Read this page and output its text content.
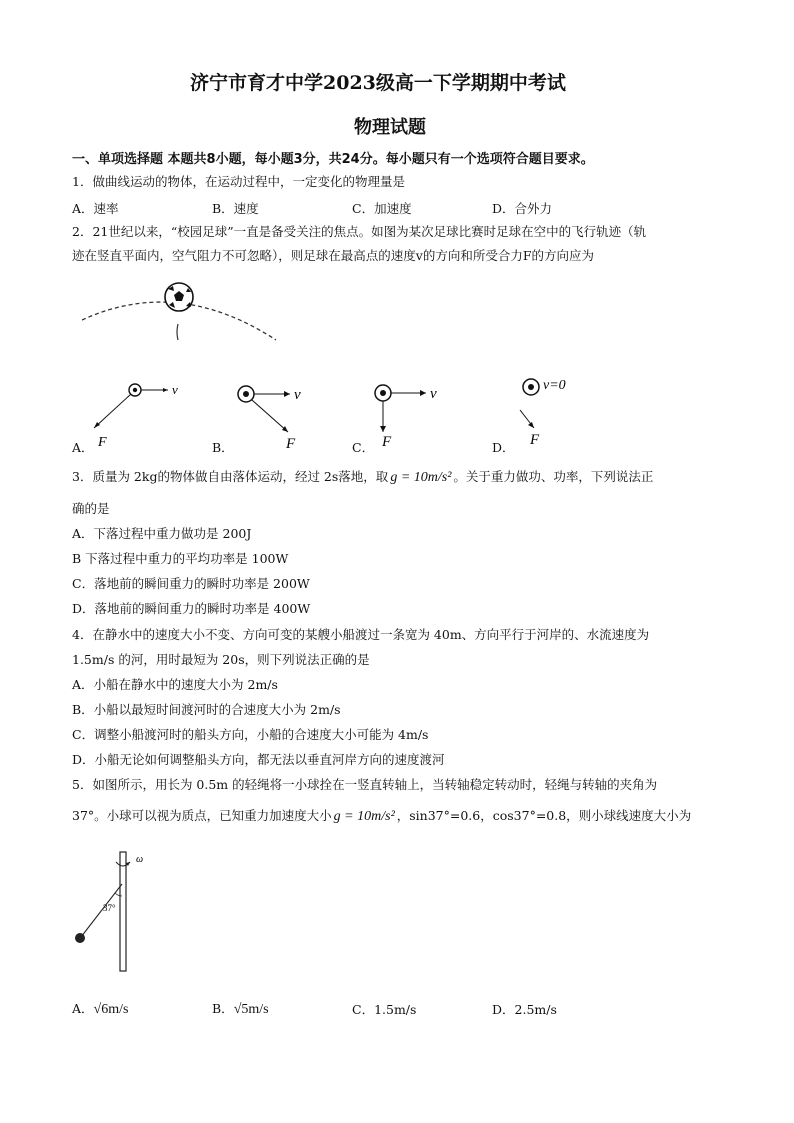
济宁市育才中学2023级高一下学期期中考试
物理试题
一、单项选择题 本题共8小题，每小题3分，共24分。每小题只有一个选项符合题目要求。
1．做曲线运动的物体，在运动过程中，一定变化的物理量是
A．速率	B．速度	C．加速度	D．合外力
2．21世纪以来，“校园足球”一直是备受关注的焦点。如图为某次足球比赛时足球在空中的飞行轨迹（轨
迹在竖直平面内，空气阻力不可忽略），则足球在最高点的速度v的方向和所受合力F的方向应为
A．
v
F	B．
v
F	C．
v
F	D．
v=0
F
3．质量为 2kg的物体做自由落体运动，经过 2s落地，取 g = 10m/s² 。关于重力做功、功率，下列说法正
确的是
A．下落过程中重力做功是 200J
B 下落过程中重力的平均功率是 100W
C．落地前的瞬间重力的瞬时功率是 200W
D．落地前的瞬间重力的瞬时功率是 400W
4．在静水中的速度大小不变、方向可变的某艘小船渡过一条宽为 40m、方向平行于河岸的、水流速度为
1.5m/s 的河，用时最短为 20s，则下列说法正确的是
A．小船在静水中的速度大小为 2m/s
B．小船以最短时间渡河时的合速度大小为 2m/s
C．调整小船渡河时的船头方向，小船的合速度大小可能为 4m/s
D．小船无论如何调整船头方向，都无法以垂直河岸方向的速度渡河
5．如图所示，用长为 0.5m 的轻绳将一小球拴在一竖直转轴上，当转轴稳定转动时，轻绳与转轴的夹角为
37°。小球可以视为质点，已知重力加速度大小 g = 10m/s² ，sin37°=0.6，cos37°=0.8，则小球线速度大小为
ω
37°
A．√6m/s	B．√5m/s	C．1.5m/s	D．2.5m/s
